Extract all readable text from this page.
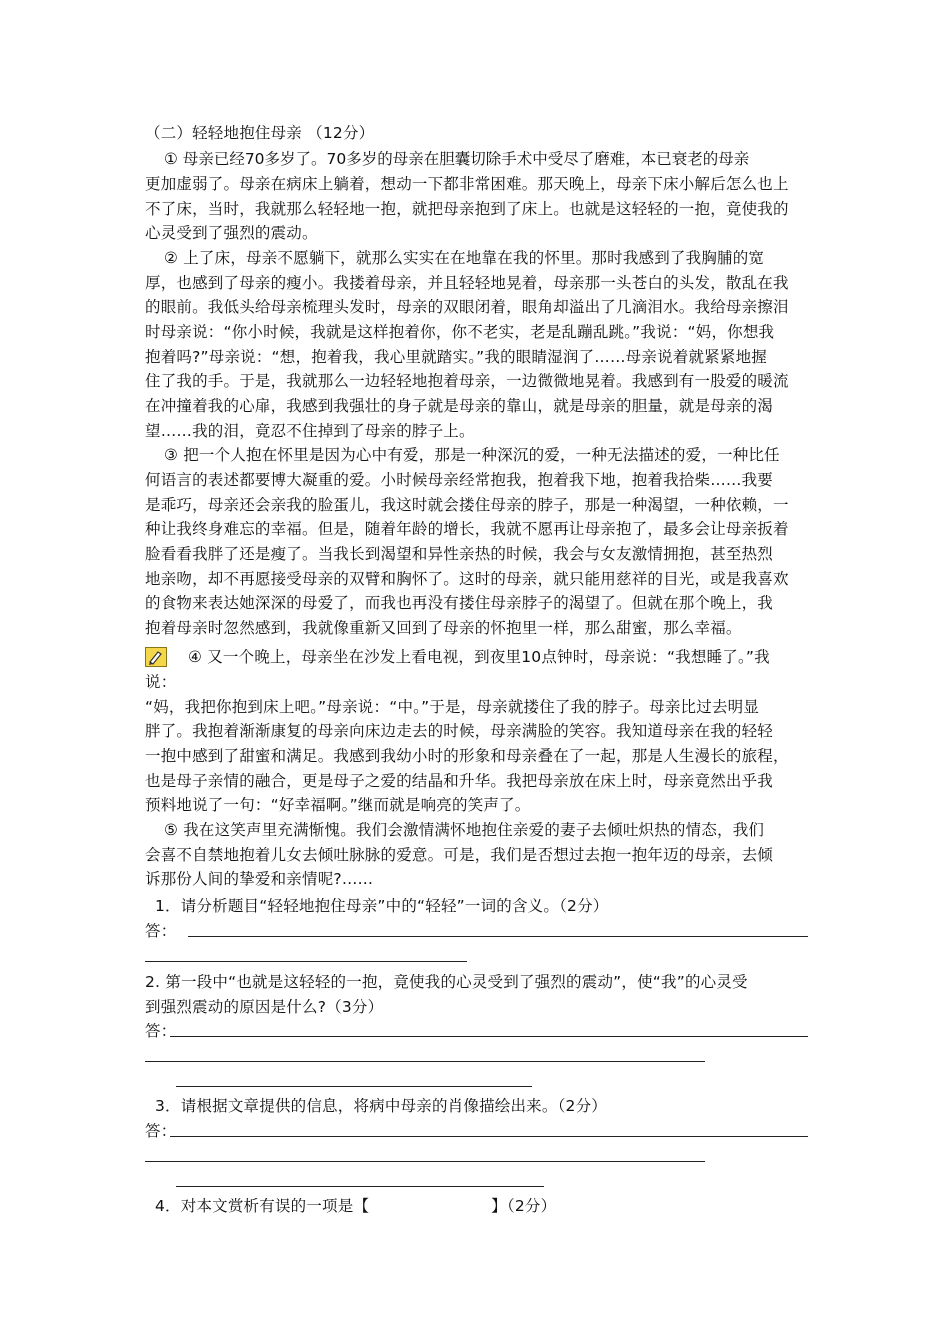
（二）轻轻地抱住母亲 （12分）
① 母亲已经70多岁了。70多岁的母亲在胆囊切除手术中受尽了磨难，本已衰老的母亲
更加虚弱了。母亲在病床上躺着，想动一下都非常困难。那天晚上，母亲下床小解后怎么也上
不了床，当时，我就那么轻轻地一抱，就把母亲抱到了床上。也就是这轻轻的一抱，竟使我的
心灵受到了强烈的震动。
② 上了床，母亲不愿躺下，就那么实实在在地靠在我的怀里。那时我感到了我胸脯的宽
厚，也感到了母亲的瘦小。我搂着母亲，并且轻轻地晃着，母亲那一头苍白的头发，散乱在我
的眼前。我低头给母亲梳理头发时，母亲的双眼闭着，眼角却溢出了几滴泪水。我给母亲擦泪
时母亲说：“你小时候，我就是这样抱着你，你不老实，老是乱蹦乱跳。”我说：“妈，你想我
抱着吗?”母亲说：“想，抱着我，我心里就踏实。”我的眼睛湿润了……母亲说着就紧紧地握
住了我的手。于是，我就那么一边轻轻地抱着母亲，一边微微地晃着。我感到有一股爱的暖流
在冲撞着我的心扉，我感到我强壮的身子就是母亲的靠山，就是母亲的胆量，就是母亲的渴
望……我的泪，竟忍不住掉到了母亲的脖子上。
③ 把一个人抱在怀里是因为心中有爱，那是一种深沉的爱，一种无法描述的爱，一种比任
何语言的表述都要博大凝重的爱。小时候母亲经常抱我，抱着我下地，抱着我拾柴……我要
是乖巧，母亲还会亲我的脸蛋儿，我这时就会搂住母亲的脖子，那是一种渴望，一种依赖，一
种让我终身难忘的幸福。但是，随着年龄的增长，我就不愿再让母亲抱了，最多会让母亲扳着
脸看看我胖了还是瘦了。当我长到渴望和异性亲热的时候，我会与女友激情拥抱，甚至热烈
地亲吻，却不再愿接受母亲的双臂和胸怀了。这时的母亲，就只能用慈祥的目光，或是我喜欢
的食物来表达她深深的母爱了，而我也再没有搂住母亲脖子的渴望了。但就在那个晚上，我
抱着母亲时忽然感到，我就像重新又回到了母亲的怀抱里一样，那么甜蜜，那么幸福。
④ 又一个晚上，母亲坐在沙发上看电视，到夜里10点钟时，母亲说：“我想睡了。”我
说：
“妈，我把你抱到床上吧。”母亲说：“中。”于是，母亲就搂住了我的脖子。母亲比过去明显
胖了。我抱着渐渐康复的母亲向床边走去的时候，母亲满脸的笑容。我知道母亲在我的轻轻
一抱中感到了甜蜜和满足。我感到我幼小时的形象和母亲叠在了一起，那是人生漫长的旅程，
也是母子亲情的融合，更是母子之爱的结晶和升华。我把母亲放在床上时，母亲竟然出乎我
预料地说了一句：“好幸福啊。”继而就是响亮的笑声了。
⑤ 我在这笑声里充满惭愧。我们会激情满怀地抱住亲爱的妻子去倾吐炽热的情态，我们
会喜不自禁地抱着儿女去倾吐脉脉的爱意。可是，我们是否想过去抱一抱年迈的母亲，去倾
诉那份人间的挚爱和亲情呢?……
1．请分析题目“轻轻地抱住母亲”中的“轻轻”一词的含义。（2分）
答：
2. 第一段中“也就是这轻轻的一抱，竟使我的心灵受到了强烈的震动”，使“我”的心灵受
到强烈震动的原因是什么?（3分）
答：
3．请根据文章提供的信息，将病中母亲的肖像描绘出来。（2分）
答：
4．对本文赏析有误的一项是【	】（2分）
